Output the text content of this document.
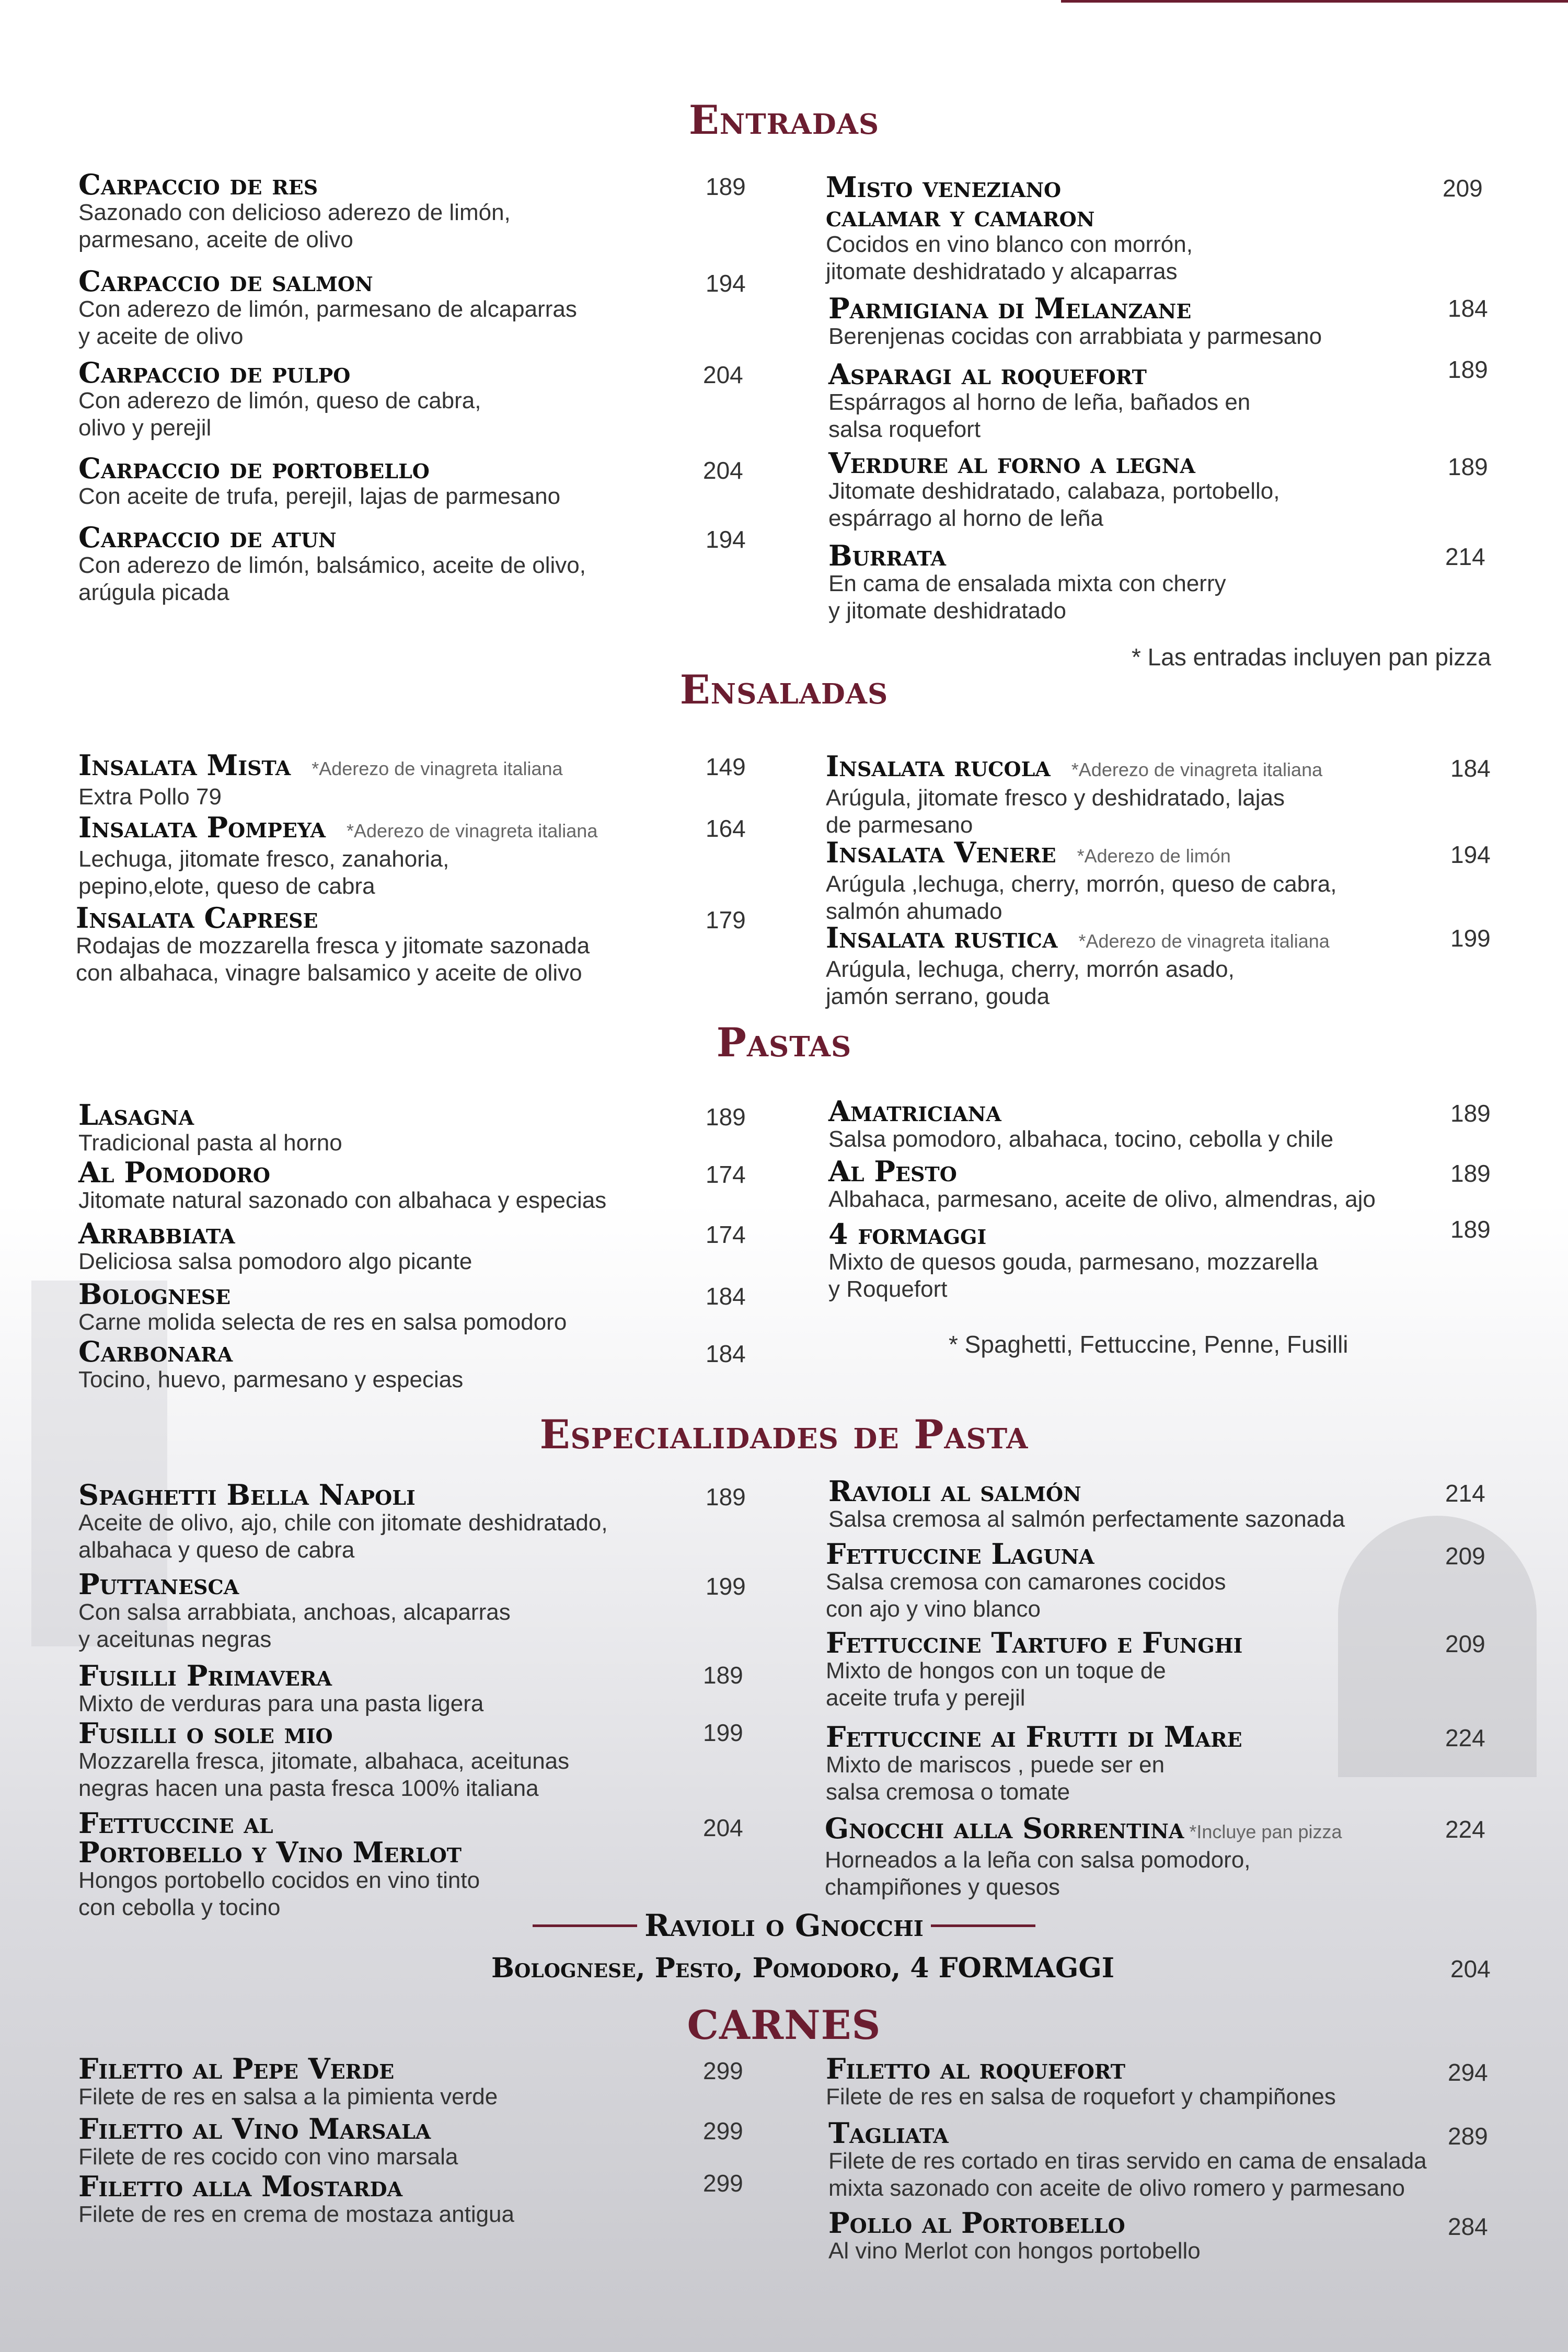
Entradas
Carpaccio de res
Sazonado con delicioso aderezo de limón,
parmesano, aceite de olivo
189
Carpaccio de salmon
Con aderezo de limón, parmesano de alcaparras
y aceite de olivo
194
Carpaccio de pulpo
Con aderezo de limón, queso de cabra,
olivo y perejil
204
Carpaccio de portobello
Con aceite de trufa, perejil, lajas de parmesano
204
Carpaccio de atun
Con aderezo de limón, balsámico, aceite de olivo,
arúgula picada
194
Misto veneziano
calamar y camaron
Cocidos en vino blanco con morrón,
jitomate deshidratado y alcaparras
209
Parmigiana di Melanzane
Berenjenas cocidas con arrabbiata y parmesano
184
Asparagi al roquefort
Espárragos al horno de leña, bañados en
salsa roquefort
189
Verdure al forno a legna
Jitomate deshidratado, calabaza, portobello,
espárrago al horno de leña
189
Burrata
En cama de ensalada mixta con cherry
y jitomate deshidratado
214
* Las entradas incluyen pan pizza
Ensaladas
Insalata Mista *Aderezo de vinagreta italiana
Extra Pollo 79
149
Insalata Pompeya *Aderezo de vinagreta italiana
Lechuga, jitomate fresco, zanahoria,
pepino,elote, queso de cabra
164
Insalata Caprese
Rodajas de mozzarella fresca y jitomate sazonada
con albahaca, vinagre balsamico y aceite de olivo
179
Insalata rucola *Aderezo de vinagreta italiana
Arúgula, jitomate fresco y deshidratado, lajas
de parmesano
184
Insalata Venere *Aderezo de limón
Arúgula ,lechuga, cherry, morrón, queso de cabra,
salmón ahumado
194
Insalata rustica *Aderezo de vinagreta italiana
Arúgula, lechuga, cherry, morrón asado,
jamón serrano, gouda
199
Pastas
Lasagna
Tradicional pasta al horno
189
Al Pomodoro
Jitomate natural sazonado con albahaca y especias
174
Arrabbiata
Deliciosa salsa pomodoro algo picante
174
Bolognese
Carne molida selecta de res en salsa pomodoro
184
Carbonara
Tocino, huevo, parmesano y especias
184
Amatriciana
Salsa pomodoro, albahaca, tocino, cebolla y chile
189
Al Pesto
Albahaca, parmesano, aceite de olivo, almendras, ajo
189
4 formaggi
Mixto de quesos gouda, parmesano, mozzarella
y Roquefort
189
* Spaghetti, Fettuccine, Penne, Fusilli
Especialidades de Pasta
Spaghetti Bella Napoli
Aceite de olivo, ajo, chile con jitomate deshidratado,
albahaca y queso de cabra
189
Puttanesca
Con salsa arrabbiata, anchoas, alcaparras
y aceitunas negras
199
Fusilli Primavera
Mixto de verduras para una pasta ligera
189
Fusilli o sole mio
Mozzarella fresca, jitomate, albahaca, aceitunas
negras hacen una pasta fresca 100% italiana
199
Fettuccine al
Portobello y Vino Merlot
Hongos portobello cocidos en vino tinto
con cebolla y tocino
204
Ravioli al salmón
Salsa cremosa al salmón perfectamente sazonada
214
Fettuccine Laguna
Salsa cremosa con camarones cocidos
con ajo y vino blanco
209
Fettuccine Tartufo e Funghi
Mixto de hongos con un toque de
aceite trufa y perejil
209
Fettuccine ai Frutti di Mare
Mixto de mariscos , puede ser en
salsa cremosa o tomate
224
Gnocchi alla Sorrentina *Incluye pan pizza
Horneados a la leña con salsa pomodoro,
champiñones y quesos
224
Ravioli o Gnocchi
Bolognese, Pesto, Pomodoro, 4 FORMAGGI	204
CARNES
Filetto al Pepe Verde
Filete de res en salsa a la pimienta verde
299
Filetto al Vino Marsala
Filete de res cocido con vino marsala
299
Filetto alla Mostarda
Filete de res en crema de mostaza antigua
299
Filetto al roquefort
Filete de res en salsa de roquefort y champiñones
294
Tagliata
Filete de res cortado en tiras servido en cama de ensalada
mixta sazonado con aceite de olivo romero y parmesano
289
Pollo al Portobello
Al vino Merlot con hongos portobello
284
